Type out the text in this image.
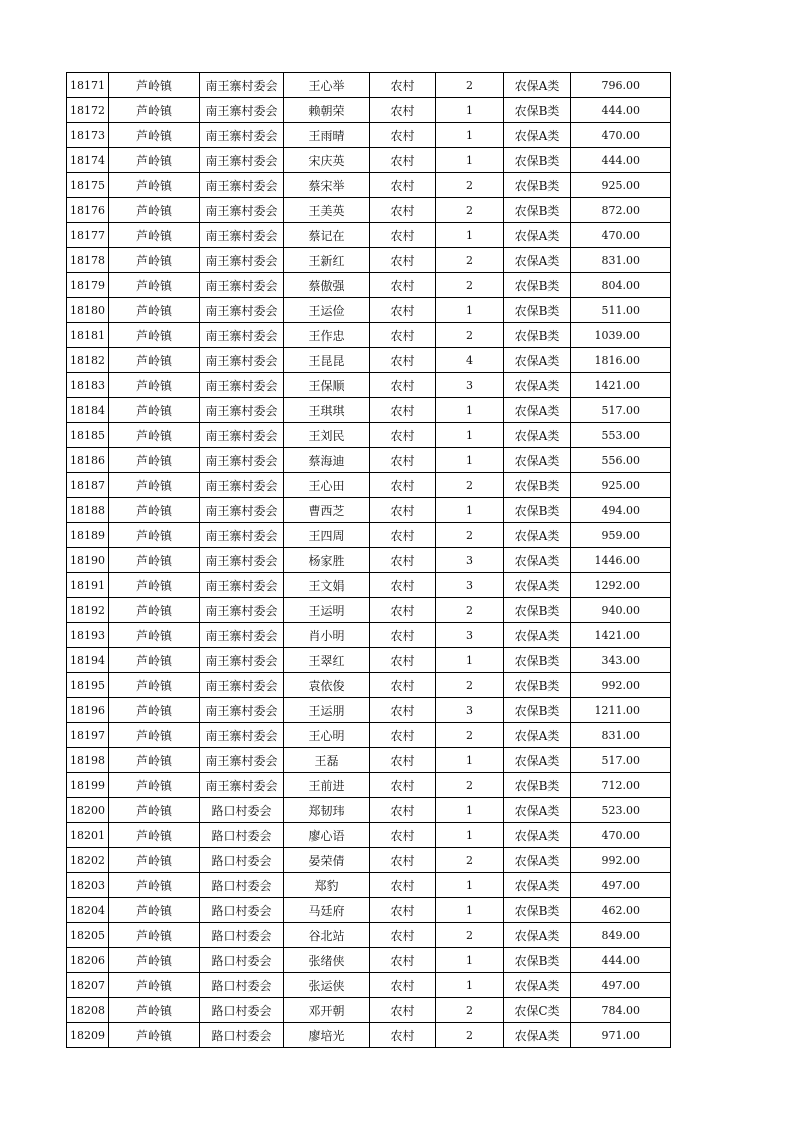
18171	芦岭镇	南王寨村委会	王心举	农村	2	农保A类	796.00
18172	芦岭镇	南王寨村委会	赖朝荣	农村	1	农保B类	444.00
18173	芦岭镇	南王寨村委会	王雨晴	农村	1	农保A类	470.00
18174	芦岭镇	南王寨村委会	宋庆英	农村	1	农保B类	444.00
18175	芦岭镇	南王寨村委会	蔡宋举	农村	2	农保B类	925.00
18176	芦岭镇	南王寨村委会	王美英	农村	2	农保B类	872.00
18177	芦岭镇	南王寨村委会	蔡记在	农村	1	农保A类	470.00
18178	芦岭镇	南王寨村委会	王新红	农村	2	农保A类	831.00
18179	芦岭镇	南王寨村委会	蔡傲强	农村	2	农保B类	804.00
18180	芦岭镇	南王寨村委会	王运俭	农村	1	农保B类	511.00
18181	芦岭镇	南王寨村委会	王作忠	农村	2	农保B类	1039.00
18182	芦岭镇	南王寨村委会	王昆昆	农村	4	农保A类	1816.00
18183	芦岭镇	南王寨村委会	王保顺	农村	3	农保A类	1421.00
18184	芦岭镇	南王寨村委会	王琪琪	农村	1	农保A类	517.00
18185	芦岭镇	南王寨村委会	王刘民	农村	1	农保A类	553.00
18186	芦岭镇	南王寨村委会	蔡海迪	农村	1	农保A类	556.00
18187	芦岭镇	南王寨村委会	王心田	农村	2	农保B类	925.00
18188	芦岭镇	南王寨村委会	曹西芝	农村	1	农保B类	494.00
18189	芦岭镇	南王寨村委会	王四周	农村	2	农保A类	959.00
18190	芦岭镇	南王寨村委会	杨家胜	农村	3	农保A类	1446.00
18191	芦岭镇	南王寨村委会	王文娟	农村	3	农保A类	1292.00
18192	芦岭镇	南王寨村委会	王运明	农村	2	农保B类	940.00
18193	芦岭镇	南王寨村委会	肖小明	农村	3	农保A类	1421.00
18194	芦岭镇	南王寨村委会	王翠红	农村	1	农保B类	343.00
18195	芦岭镇	南王寨村委会	袁依俊	农村	2	农保B类	992.00
18196	芦岭镇	南王寨村委会	王运朋	农村	3	农保B类	1211.00
18197	芦岭镇	南王寨村委会	王心明	农村	2	农保A类	831.00
18198	芦岭镇	南王寨村委会	王磊	农村	1	农保A类	517.00
18199	芦岭镇	南王寨村委会	王前进	农村	2	农保B类	712.00
18200	芦岭镇	路口村委会	郑韧玮	农村	1	农保A类	523.00
18201	芦岭镇	路口村委会	廖心语	农村	1	农保A类	470.00
18202	芦岭镇	路口村委会	晏荣倩	农村	2	农保A类	992.00
18203	芦岭镇	路口村委会	郑豹	农村	1	农保A类	497.00
18204	芦岭镇	路口村委会	马廷府	农村	1	农保B类	462.00
18205	芦岭镇	路口村委会	谷北站	农村	2	农保A类	849.00
18206	芦岭镇	路口村委会	张绪侠	农村	1	农保B类	444.00
18207	芦岭镇	路口村委会	张运侠	农村	1	农保A类	497.00
18208	芦岭镇	路口村委会	邓开朝	农村	2	农保C类	784.00
18209	芦岭镇	路口村委会	廖培光	农村	2	农保A类	971.00
